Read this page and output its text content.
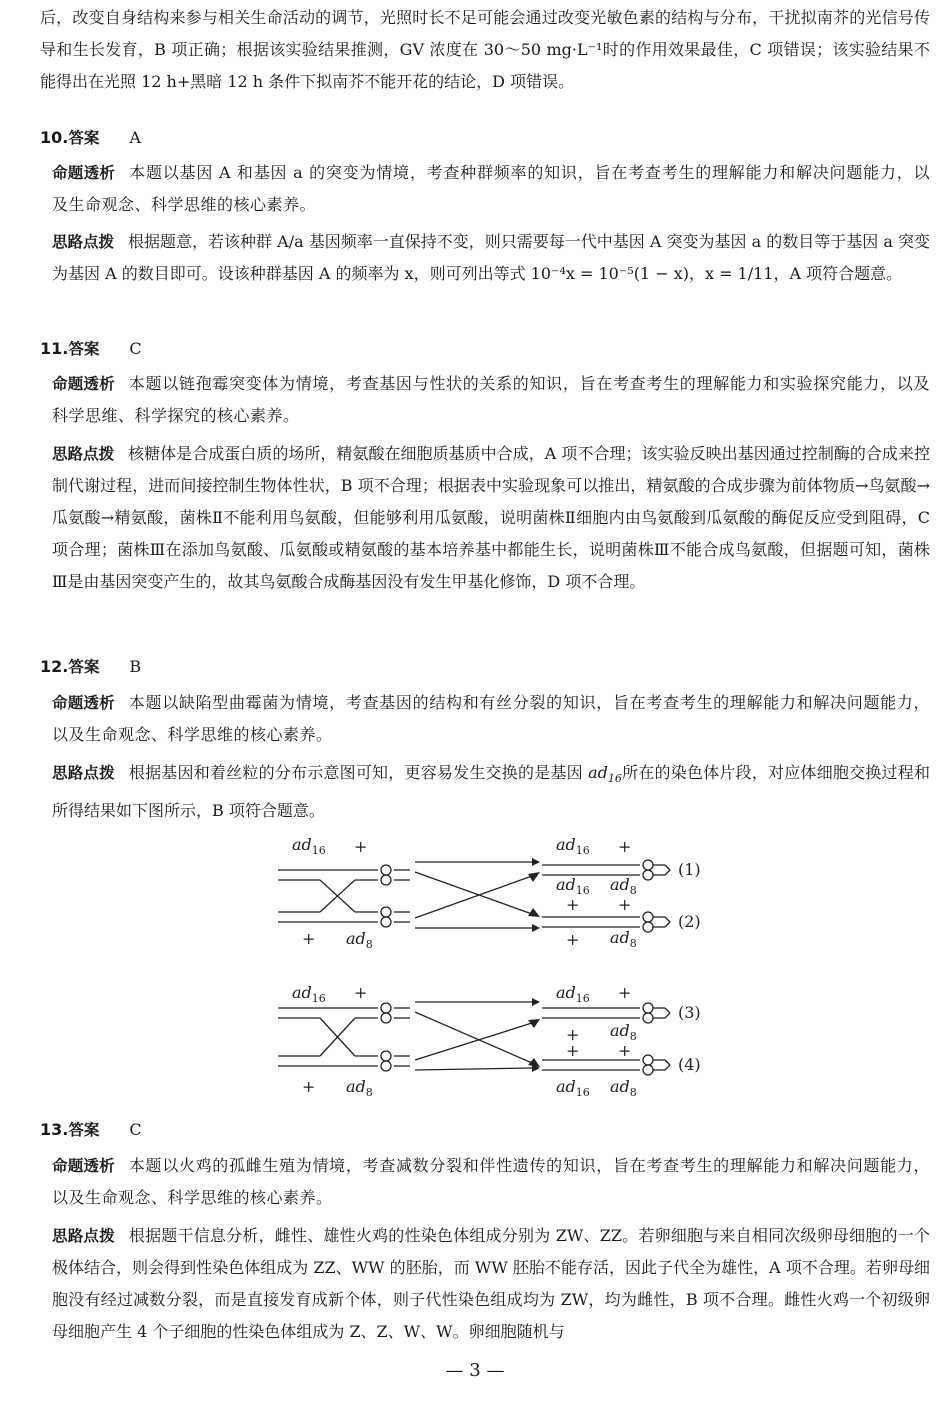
后，改变自身结构来参与相关生命活动的调节，光照时长不足可能会通过改变光敏色素的结构与分布，干扰拟南芥的光信号传导和生长发育，B 项正确；根据该实验结果推测，GV 浓度在 30～50 mg·L⁻¹时的作用效果最佳，C 项错误；该实验结果不能得出在光照 12 h+黑暗 12 h 条件下拟南芥不能开花的结论，D 项错误。

10.答案 A

命题透析 本题以基因 A 和基因 a 的突变为情境，考查种群频率的知识，旨在考查考生的理解能力和解决问题能力，以及生命观念、科学思维的核心素养。

思路点拨 根据题意，若该种群 A/a 基因频率一直保持不变，则只需要每一代中基因 A 突变为基因 a 的数目等于基因 a 突变为基因 A 的数目即可。设该种群基因 A 的频率为 x，则可列出等式 10⁻⁴x = 10⁻⁵(1 − x)，x = 1/11，A 项符合题意。

11.答案 C

命题透析 本题以链孢霉突变体为情境，考查基因与性状的关系的知识，旨在考查考生的理解能力和实验探究能力，以及科学思维、科学探究的核心素养。

思路点拨 核糖体是合成蛋白质的场所，精氨酸在细胞质基质中合成，A 项不合理；该实验反映出基因通过控制酶的合成来控制代谢过程，进而间接控制生物体性状，B 项不合理；根据表中实验现象可以推出，精氨酸的合成步骤为前体物质→鸟氨酸→瓜氨酸→精氨酸，菌株Ⅱ不能利用鸟氨酸，但能够利用瓜氨酸，说明菌株Ⅱ细胞内由鸟氨酸到瓜氨酸的酶促反应受到阻碍，C 项合理；菌株Ⅲ在添加鸟氨酸、瓜氨酸或精氨酸的基本培养基中都能生长，说明菌株Ⅲ不能合成鸟氨酸，但据题可知，菌株Ⅲ是由基因突变产生的，故其鸟氨酸合成酶基因没有发生甲基化修饰，D 项不合理。

12.答案 B

命题透析 本题以缺陷型曲霉菌为情境，考查基因的结构和有丝分裂的知识，旨在考查考生的理解能力和解决问题能力，以及生命观念、科学思维的核心素养。

思路点拨 根据基因和着丝粒的分布示意图可知，更容易发生交换的是基因 $ad_{16}$所在的染色体片段，对应体细胞交换过程和所得结果如下图所示，B 项符合题意。

$ad_{16}$ +
+ $ad_8$
$ad_{16}$ +
$ad_{16}$ $ad_8$
(1)
+ +
+ $ad_8$
(2)
$ad_{16}$ +
+ $ad_8$
$ad_{16}$ +
+ $ad_8$
(3)
+ +
$ad_{16}$ $ad_8$
(4)

13.答案 C

命题透析 本题以火鸡的孤雌生殖为情境，考查减数分裂和伴性遗传的知识，旨在考查考生的理解能力和解决问题能力，以及生命观念、科学思维的核心素养。

思路点拨 根据题干信息分析，雌性、雄性火鸡的性染色体组成分别为 ZW、ZZ。若卵细胞与来自相同次级卵母细胞的一个极体结合，则会得到性染色体组成为 ZZ、WW 的胚胎，而 WW 胚胎不能存活，因此子代全为雄性，A 项不合理。若卵母细胞没有经过减数分裂，而是直接发育成新个体，则子代性染色组成均为 ZW，均为雌性，B 项不合理。雌性火鸡一个初级卵母细胞产生 4 个子细胞的性染色体组成为 Z、Z、W、W。卵细胞随机与

— 3 —
